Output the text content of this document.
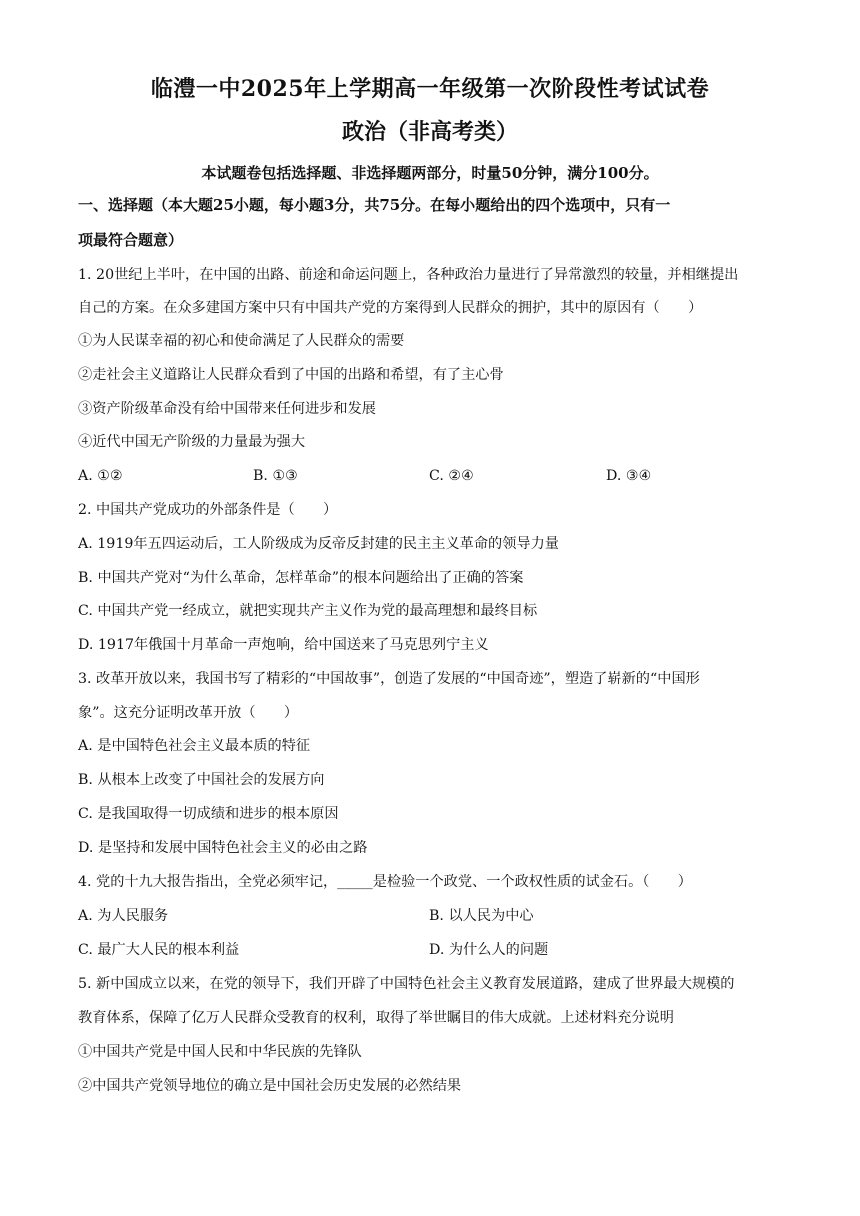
临澧一中2025年上学期高一年级第一次阶段性考试试卷
政治（非高考类）
本试题卷包括选择题、非选择题两部分，时量50分钟，满分100分。
一、选择题（本大题25小题，每小题3分，共75分。在每小题给出的四个选项中，只有一
项最符合题意）
1. 20世纪上半叶，在中国的出路、前途和命运问题上，各种政治力量进行了异常激烈的较量，并相继提出
自己的方案。在众多建国方案中只有中国共产党的方案得到人民群众的拥护，其中的原因有（　　）
①为人民谋幸福的初心和使命满足了人民群众的需要
②走社会主义道路让人民群众看到了中国的出路和希望，有了主心骨
③资产阶级革命没有给中国带来任何进步和发展
④近代中国无产阶级的力量最为强大
A. ①②	B. ①③	C. ②④	D. ③④
2. 中国共产党成功的外部条件是（　　）
A. 1919年五四运动后，工人阶级成为反帝反封建的民主主义革命的领导力量
B. 中国共产党对“为什么革命，怎样革命”的根本问题给出了正确的答案
C. 中国共产党一经成立，就把实现共产主义作为党的最高理想和最终目标
D. 1917年俄国十月革命一声炮响，给中国送来了马克思列宁主义
3. 改革开放以来，我国书写了精彩的“中国故事”，创造了发展的“中国奇迹”，塑造了崭新的“中国形
象”。这充分证明改革开放（　　）
A. 是中国特色社会主义最本质的特征
B. 从根本上改变了中国社会的发展方向
C. 是我国取得一切成绩和进步的根本原因
D. 是坚持和发展中国特色社会主义的必由之路
4. 党的十九大报告指出，全党必须牢记，_____是检验一个政党、一个政权性质的试金石。（　　）
A. 为人民服务	B. 以人民为中心
C. 最广大人民的根本利益	D. 为什么人的问题
5. 新中国成立以来，在党的领导下，我们开辟了中国特色社会主义教育发展道路，建成了世界最大规模的
教育体系，保障了亿万人民群众受教育的权利，取得了举世瞩目的伟大成就。上述材料充分说明
①中国共产党是中国人民和中华民族的先锋队
②中国共产党领导地位的确立是中国社会历史发展的必然结果
